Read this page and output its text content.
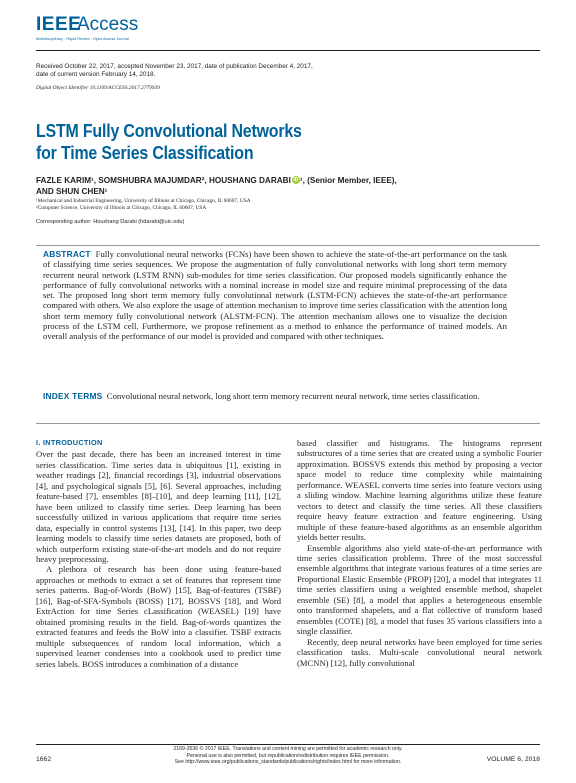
IEEE
Access
Multidisciplinary : Rapid Review : Open Access Journal
Received October 22, 2017, accepted November 23, 2017, date of publication December 4, 2017,
date of current version February 14, 2018.
Digital Object Identifier 10.1109/ACCESS.2017.2779939
LSTM Fully Convolutional Networks
for Time Series Classification
FAZLE KARIM¹, SOMSHUBRA MAJUMDAR², HOUSHANG DARABI iD ¹, (Senior Member, IEEE),
AND SHUN CHEN¹
¹Mechanical and Industrial Engineering, University of Illinois at Chicago, Chicago, IL 60607, USA
²Computer Science, University of Illinois at Chicago, Chicago, IL 60607, USA
Corresponding author: Houshang Darabi (hdarabi@uic.edu)
ABSTRACT Fully convolutional neural networks (FCNs) have been shown to achieve the state-of-the-art performance on the task of classifying time series sequences. We propose the augmentation of fully convolutional networks with long short term memory recurrent neural network (LSTM RNN) sub-modules for time series classification. Our proposed models significantly enhance the performance of fully convolutional networks with a nominal increase in model size and require minimal preprocessing of the data set. The proposed long short term memory fully convolutional network (LSTM-FCN) achieves the state-of-the-art performance compared with others. We also explore the usage of attention mechanism to improve time series classification with the attention long short term memory fully convolutional network (ALSTM-FCN). The attention mechanism allows one to visualize the decision process of the LSTM cell. Furthermore, we propose refinement as a method to enhance the performance of trained models. An overall analysis of the performance of our model is provided and compared with other techniques.
INDEX TERMS Convolutional neural network, long short term memory recurrent neural network, time series classification.
I. INTRODUCTION

Over the past decade, there has been an increased interest in time series classification. Time series data is ubiquitous [1], existing in weather readings [2], financial recordings [3], industrial observations [4], and psychological signals [5], [6]. Several approaches, including feature-based [7], ensembles [8]–[10], and deep learning [11], [12], have been utilized to classify time series. Deep learning has been successfully utilized in various applications that require time series data, especially in control systems [13], [14]. In this paper, two deep learning models to classify time series datasets are proposed, both of which outperform existing state-of-the-art models and do not require heavy preprocessing.

A plethora of research has been done using feature-based approaches or methods to extract a set of features that represent time series patterns. Bag-of-Words (BoW) [15], Bag-of-features (TSBF) [16], Bag-of-SFA-Symbols (BOSS) [17], BOSSVS [18], and Word ExtrAction for time Series cLassification (WEASEL) [19] have obtained promising results in the field. Bag-of-words quantizes the extracted features and feeds the BoW into a classifier. TSBF extracts multiple subsequences of random local information, which a supervised learner condenses into a cookbook used to predict time series labels. BOSS introduces a combination of a distance

based classifier and histograms. The histograms represent substructures of a time series that are created using a symbolic Fourier approximation. BOSSVS extends this method by proposing a vector space model to reduce time complexity while maintaining performance. WEASEL converts time series into feature vectors using a sliding window. Machine learning algorithms utilize these feature vectors to detect and classify the time series. All these classifiers require heavy feature extraction and feature engineering. Using multiple of these feature-based algorithms as an ensemble algorithm yields better results.

Ensemble algorithms also yield state-of-the-art performance with time series classification problems. Three of the most successful ensemble algorithms that integrate various features of a time series are Proportional Elastic Ensemble (PROP) [20], a model that integrates 11 time series classifiers using a weighted ensemble method, shapelet ensemble (SE) [8], a model that applies a heterogeneous ensemble onto transformed shapelets, and a flat collective of transform based ensembles (COTE) [8], a model that fuses 35 various classifiers into a single classifier.

Recently, deep neural networks have been employed for time series classification tasks. Multi-scale convolutional neural network (MCNN) [12], fully convolutional

1662
2169-3536 © 2017 IEEE. Translations and content mining are permitted for academic research only.
Personal use is also permitted, but republication/redistribution requires IEEE permission.
See http://www.ieee.org/publications_standards/publications/rights/index.html for more information.	VOLUME 6, 2018
